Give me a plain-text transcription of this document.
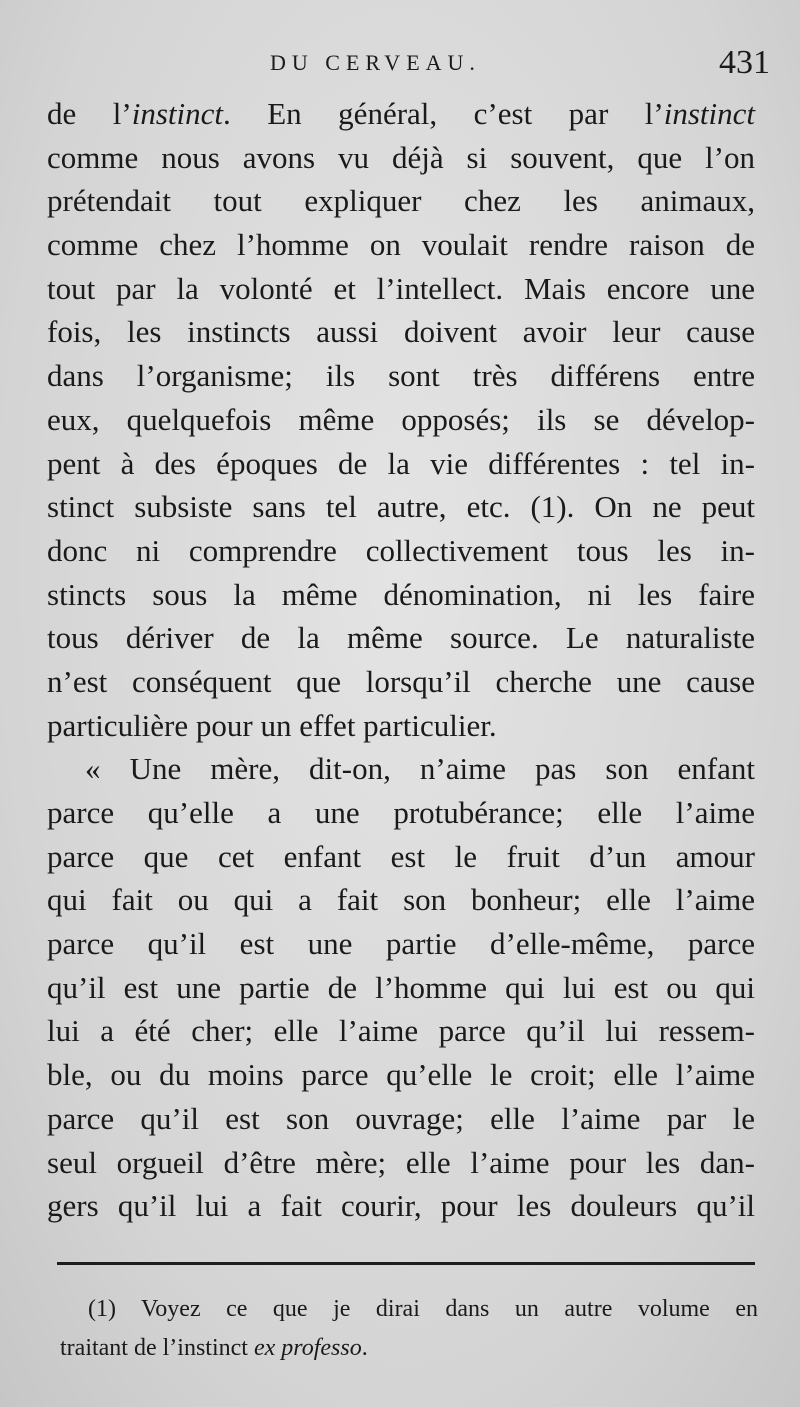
DU CERVEAU.	431
de l’instinct. En général, c’est par l’instinct
comme nous avons vu déjà si souvent, que l’on
prétendait tout expliquer chez les animaux,
comme chez l’homme on voulait rendre raison de
tout par la volonté et l’intellect. Mais encore une
fois, les instincts aussi doivent avoir leur cause
dans l’organisme; ils sont très différens entre
eux, quelquefois même opposés; ils se dévelop-
pent à des époques de la vie différentes : tel in-
stinct subsiste sans tel autre, etc. (1). On ne peut
donc ni comprendre collectivement tous les in-
stincts sous la même dénomination, ni les faire
tous dériver de la même source. Le naturaliste
n’est conséquent que lorsqu’il cherche une cause
particulière pour un effet particulier.
« Une mère, dit-on, n’aime pas son enfant
parce qu’elle a une protubérance; elle l’aime
parce que cet enfant est le fruit d’un amour
qui fait ou qui a fait son bonheur; elle l’aime
parce qu’il est une partie d’elle-même, parce
qu’il est une partie de l’homme qui lui est ou qui
lui a été cher; elle l’aime parce qu’il lui ressem-
ble, ou du moins parce qu’elle le croit; elle l’aime
parce qu’il est son ouvrage; elle l’aime par le
seul orgueil d’être mère; elle l’aime pour les dan-
gers qu’il lui a fait courir, pour les douleurs qu’il
(1) Voyez ce que je dirai dans un autre volume en
traitant de l’instinct ex professo.
